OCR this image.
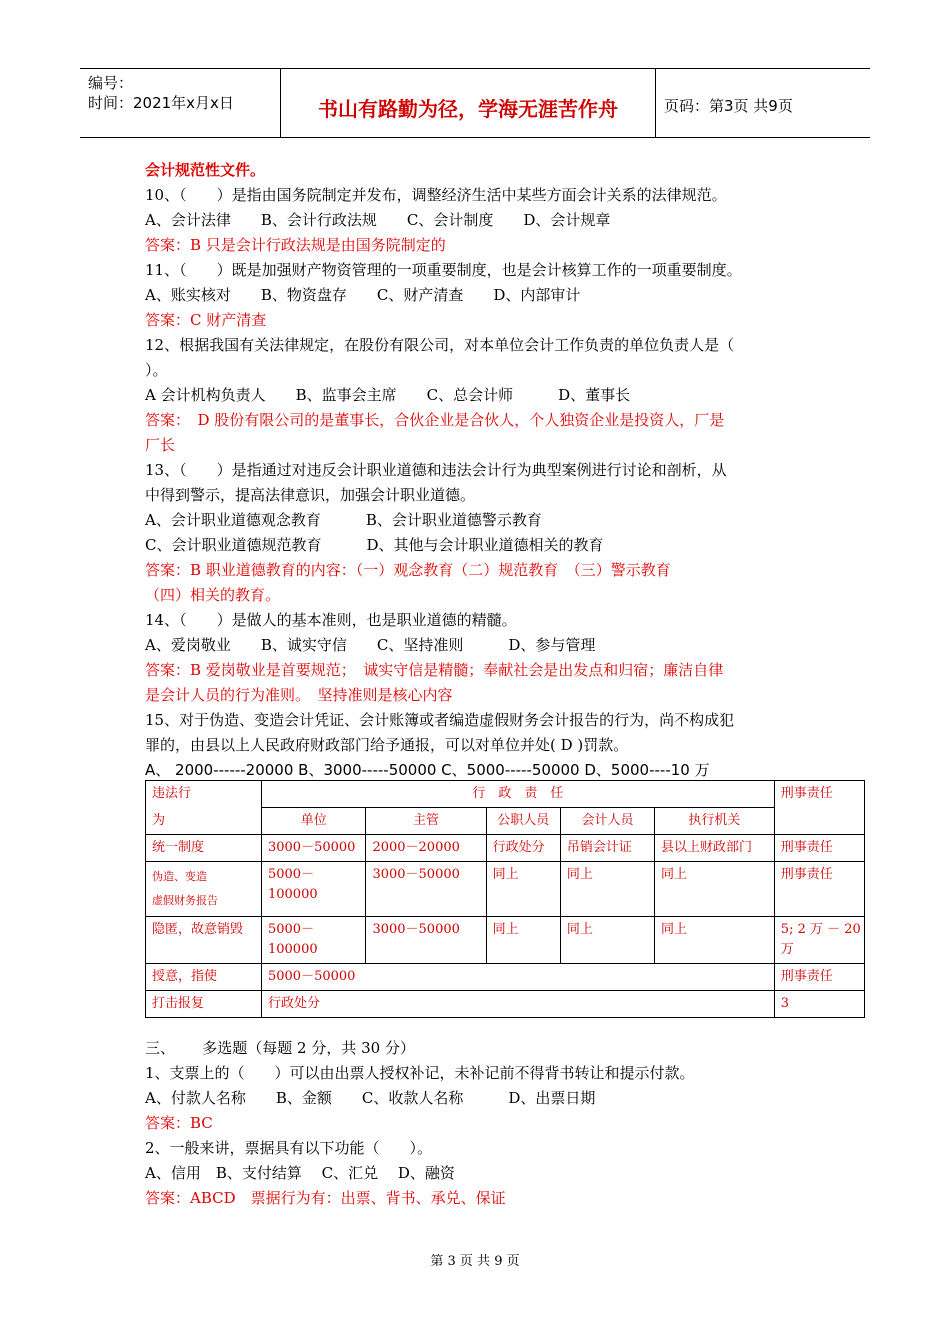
编号：
时间：2021年x月x日	书山有路勤为径，学海无涯苦作舟	页码：第3页 共9页
会计规范性文件。
10、（　　）是指由国务院制定并发布，调整经济生活中某些方面会计关系的法律规范。
A、会计法律　　B、会计行政法规　　C、会计制度　　D、会计规章
答案：B 只是会计行政法规是由国务院制定的
11、（　　）既是加强财产物资管理的一项重要制度，也是会计核算工作的一项重要制度。
A、账实核对　　B、物资盘存　　C、财产清查　　D、内部审计
答案：C 财产清查
12、根据我国有关法律规定，在股份有限公司，对本单位会计工作负责的单位负责人是（
）。
A 会计机构负责人　　B、监事会主席　　C、总会计师　　　D、董事长
答案：　D 股份有限公司的是董事长，合伙企业是合伙人，个人独资企业是投资人，厂是
厂长
13、（　　）是指通过对违反会计职业道德和违法会计行为典型案例进行讨论和剖析，从
中得到警示，提高法律意识，加强会计职业道德。
A、会计职业道德观念教育　　　B、会计职业道德警示教育
C、会计职业道德规范教育　　　D、其他与会计职业道德相关的教育
答案：B 职业道德教育的内容：（一）观念教育（二）规范教育　（三）警示教育
（四）相关的教育。
14、（　　）是做人的基本准则，也是职业道德的精髓。
A、爱岗敬业　　B、诚实守信　　C、坚持准则　　　D、参与管理
答案：B 爱岗敬业是首要规范；　诚实守信是精髓；奉献社会是出发点和归宿；廉洁自律
是会计人员的行为准则。　坚持准则是核心内容
15、对于伪造、变造会计凭证、会计账簿或者编造虚假财务会计报告的行为，尚不构成犯
罪的，由县以上人民政府财政部门给予通报，可以对单位并处( D )罚款。
A、 2000------20000 B、3000-----50000 C、5000-----50000 D、5000----10 万
违法行	行　政　责　任					刑事责任
为	单位	主管	公职人员	会计人员	执行机关	
统一制度	3000－50000	2000－20000	行政处分	吊销会计证	县以上财政部门	刑事责任

伪造、变造
虚假财务报告	5000－100000	3000－50000	同上	同上	同上	刑事责任
隐匿，故意销毁	5000－100000	3000－50000	同上	同上	同上	5; 2 万 － 20
万

授意，指使	5000－50000					刑事责任
打击报复	行政处分					3
三、　　 多选题（每题 2 分，共 30 分）
1、支票上的（　　）可以由出票人授权补记，未补记前不得背书转让和提示付款。
A、付款人名称　　B、金额　　C、收款人名称　　　D、出票日期
答案：BC
2、一般来讲，票据具有以下功能（　　）。
A、信用　B、支付结算　 C、汇兑　 D、融资
答案：ABCD　票据行为有：出票、背书、承兑、保证
第 3 页 共 9 页
